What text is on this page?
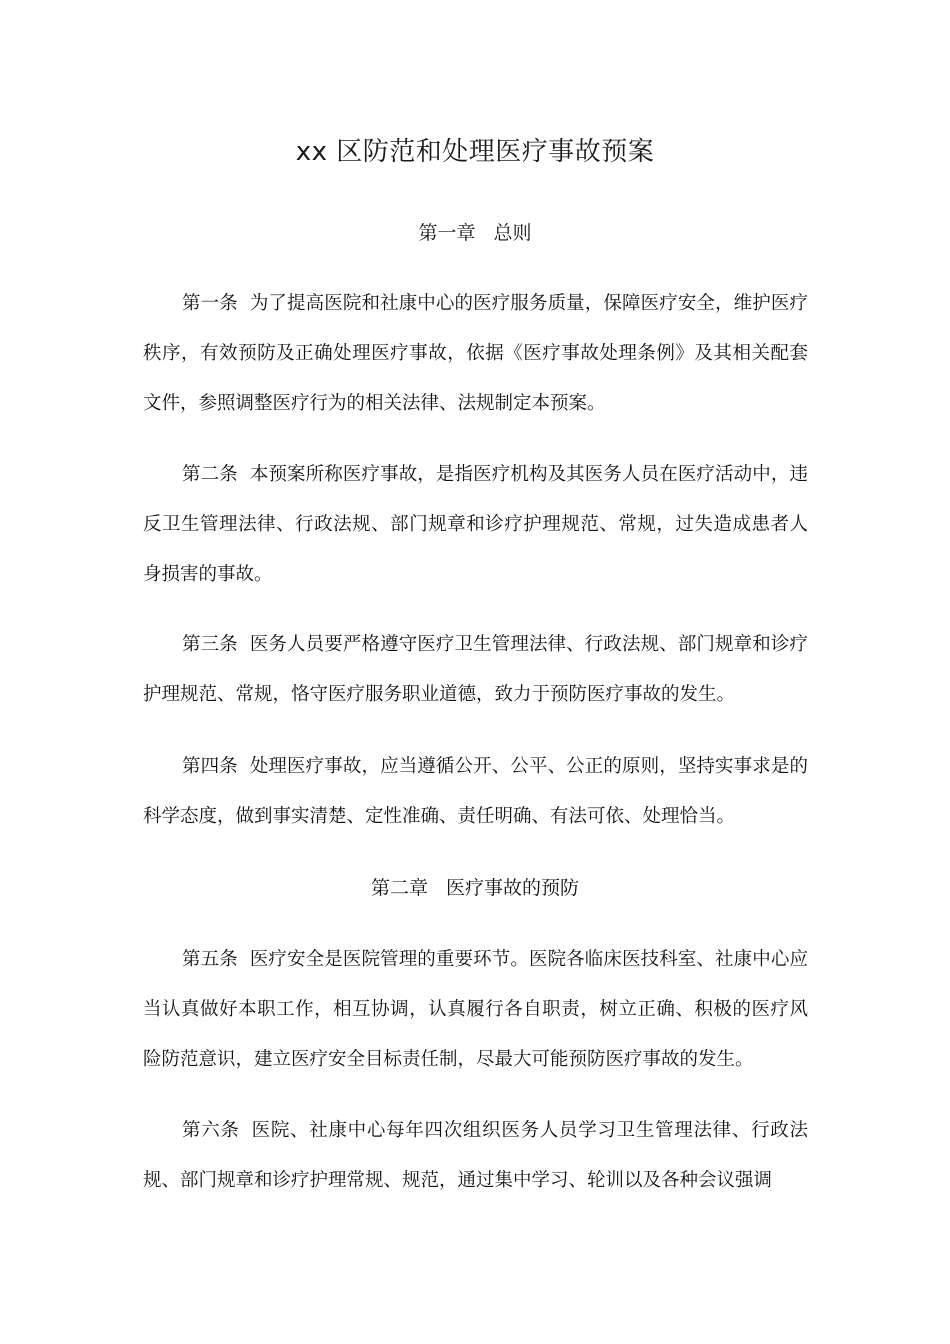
xx 区防范和处理医疗事故预案
第一章 总则

第一条 为了提高医院和社康中心的医疗服务质量，保障医疗安全，维护医疗秩序，有效预防及正确处理医疗事故，依据《医疗事故处理条例》及其相关配套文件，参照调整医疗行为的相关法律、法规制定本预案。

第二条 本预案所称医疗事故，是指医疗机构及其医务人员在医疗活动中，违反卫生管理法律、行政法规、部门规章和诊疗护理规范、常规，过失造成患者人身损害的事故。

第三条 医务人员要严格遵守医疗卫生管理法律、行政法规、部门规章和诊疗护理规范、常规，恪守医疗服务职业道德，致力于预防医疗事故的发生。

第四条 处理医疗事故，应当遵循公开、公平、公正的原则，坚持实事求是的科学态度，做到事实清楚、定性准确、责任明确、有法可依、处理恰当。

第二章 医疗事故的预防

第五条 医疗安全是医院管理的重要环节。医院各临床医技科室、社康中心应当认真做好本职工作，相互协调，认真履行各自职责，树立正确、积极的医疗风险防范意识，建立医疗安全目标责任制，尽最大可能预防医疗事故的发生。

第六条 医院、社康中心每年四次组织医务人员学习卫生管理法律、行政法规、部门规章和诊疗护理常规、规范，通过集中学习、轮训以及各种会议强调
